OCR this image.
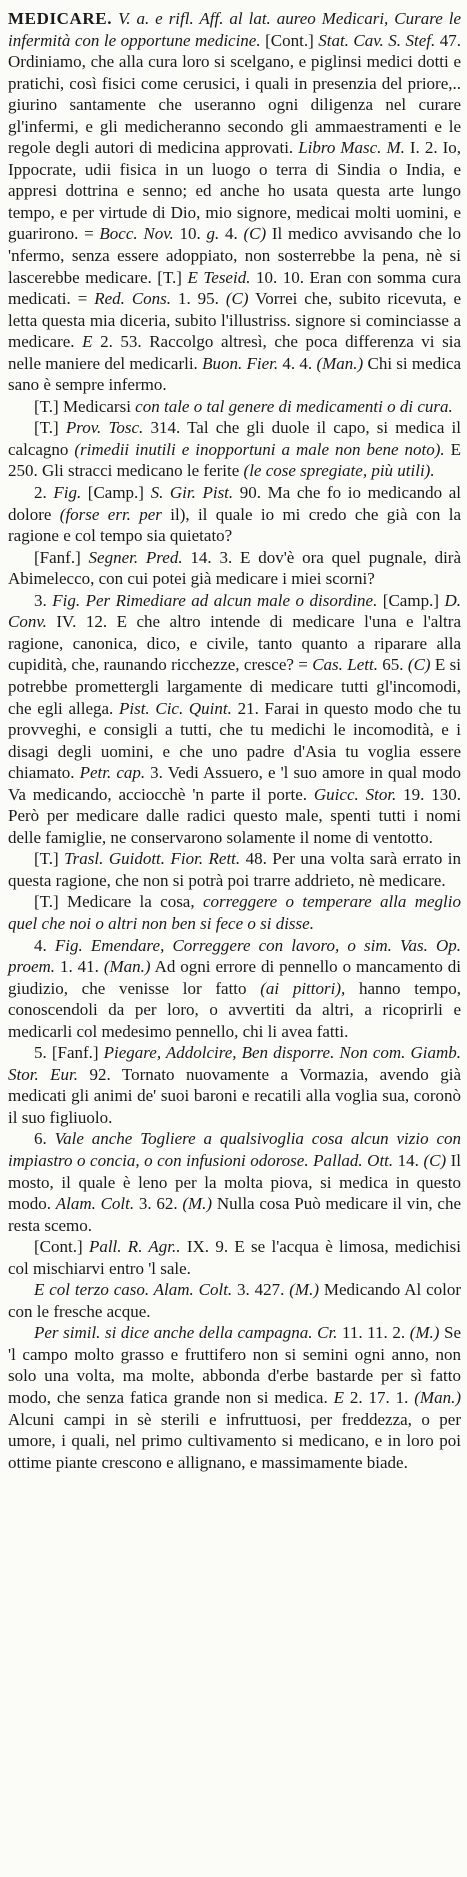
MEDICARE. V. a. e rifl. Aff. al lat. aureo Medicari, Curare le infermità con le opportune medicine. [Cont.] Stat. Cav. S. Stef. 47. Ordiniamo, che alla cura loro si scelgano, e piglinsi medici dotti e pratichi, così fisici come cerusici, i quali in presenzia del priore,.. giurino santamente che useranno ogni diligenza nel curare gl'infermi, e gli medicheranno secondo gli ammaestramenti e le regole degli autori di medicina approvati. Libro Masc. M. I. 2. Io, Ippocrate, udii fisica in un luogo o terra di Sindia o India, e appresi dottrina e senno; ed anche ho usata questa arte lungo tempo, e per virtude di Dio, mio signore, medicai molti uomini, e guarirono. = Bocc. Nov. 10. g. 4. (C) Il medico avvisando che lo 'nfermo, senza essere adoppiato, non sosterrebbe la pena, nè si lascerebbe medicare. [T.] E Teseid. 10. 10. Eran con somma cura medicati. = Red. Cons. 1. 95. (C) Vorrei che, subito ricevuta, e letta questa mia diceria, subito l'illustriss. signore si cominciasse a medicare. E 2. 53. Raccolgo altresì, che poca differenza vi sia nelle maniere del medicarli. Buon. Fier. 4. 4. (Man.) Chi si medica sano è sempre infermo.

[T.] Medicarsi con tale o tal genere di medicamenti o di cura.

[T.] Prov. Tosc. 314. Tal che gli duole il capo, si medica il calcagno (rimedii inutili e inopportuni a male non bene noto). E 250. Gli stracci medicano le ferite (le cose spregiate, più utili).

2. Fig. [Camp.] S. Gir. Pist. 90. Ma che fo io medicando al dolore (forse err. per il), il quale io mi credo che già con la ragione e col tempo sia quietato?

[Fanf.] Segner. Pred. 14. 3. E dov'è ora quel pugnale, dirà Abimelecco, con cui potei già medicare i miei scorni?

3. Fig. Per Rimediare ad alcun male o disordine. [Camp.] D. Conv. IV. 12. E che altro intende di medicare l'una e l'altra ragione, canonica, dico, e civile, tanto quanto a riparare alla cupidità, che, raunando ricchezze, cresce? = Cas. Lett. 65. (C) E si potrebbe promettergli largamente di medicare tutti gl'incomodi, che egli allega. Pist. Cic. Quint. 21. Farai in questo modo che tu provveghi, e consigli a tutti, che tu medichi le incomodità, e i disagi degli uomini, e che uno padre d'Asia tu voglia essere chiamato. Petr. cap. 3. Vedi Assuero, e 'l suo amore in qual modo Va medicando, acciocchè 'n parte il porte. Guicc. Stor. 19. 130. Però per medicare dalle radici questo male, spenti tutti i nomi delle famiglie, ne conservarono solamente il nome di ventotto.

[T.] Trasl. Guidott. Fior. Rett. 48. Per una volta sarà errato in questa ragione, che non si potrà poi trarre addrieto, nè medicare.

[T.] Medicare la cosa, correggere o temperare alla meglio quel che noi o altri non ben si fece o si disse.

4. Fig. Emendare, Correggere con lavoro, o sim. Vas. Op. proem. 1. 41. (Man.) Ad ogni errore di pennello o mancamento di giudizio, che venisse lor fatto (ai pittori), hanno tempo, conoscendoli da per loro, o avvertiti da altri, a ricoprirli e medicarli col medesimo pennello, chi li avea fatti.

5. [Fanf.] Piegare, Addolcire, Ben disporre. Non com. Giamb. Stor. Eur. 92. Tornato nuovamente a Vormazia, avendo già medicati gli animi de' suoi baroni e recatili alla voglia sua, coronò il suo figliuolo.

6. Vale anche Togliere a qualsivoglia cosa alcun vizio con impiastro o concia, o con infusioni odorose. Pallad. Ott. 14. (C) Il mosto, il quale è leno per la molta piova, si medica in questo modo. Alam. Colt. 3. 62. (M.) Nulla cosa Può medicare il vin, che resta scemo.

[Cont.] Pall. R. Agr.. IX. 9. E se l'acqua è limosa, medichisi col mischiarvi entro 'l sale.

E col terzo caso. Alam. Colt. 3. 427. (M.) Medicando Al color con le fresche acque.

Per simil. si dice anche della campagna. Cr. 11. 11. 2. (M.) Se 'l campo molto grasso e fruttifero non si semini ogni anno, non solo una volta, ma molte, abbonda d'erbe bastarde per sì fatto modo, che senza fatica grande non si medica. E 2. 17. 1. (Man.) Alcuni campi in sè sterili e infruttuosi, per freddezza, o per umore, i quali, nel primo cultivamento si medicano, e in loro poi ottime piante crescono e allignano, e massimamente biade.
